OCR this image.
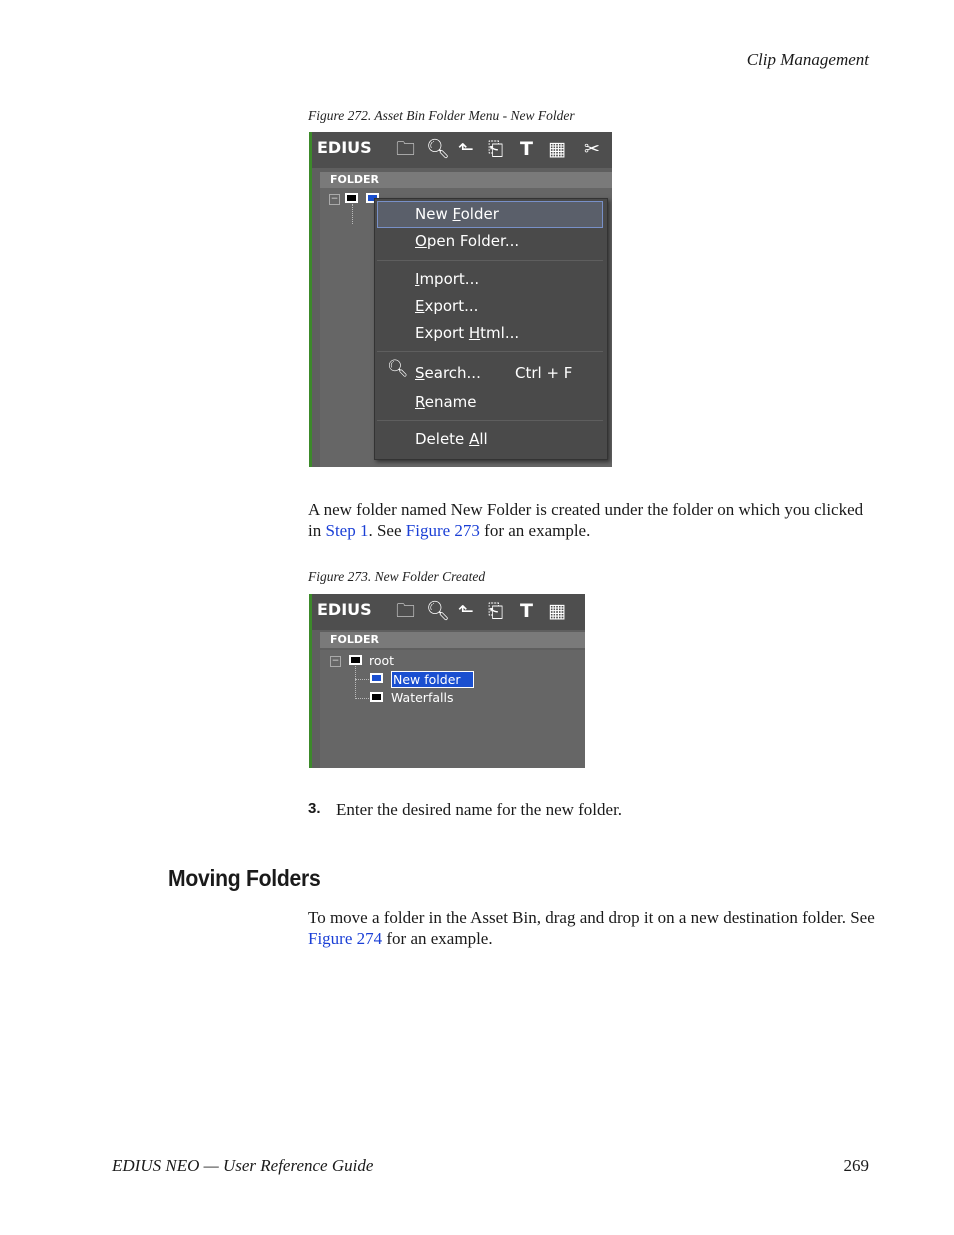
Clip Management
Figure 272. Asset Bin Folder Menu - New Folder
EDIUS 🗀 🔍︎ ⬑ ⎗ T ▦ ✂
FOLDER
−
New Folder
Open Folder...
Import...
Export...
Export Html...
🔍︎ Search... Ctrl + F
Rename
Delete All
A new folder named New Folder is created under the folder on which you clicked in Step 1. See Figure 273 for an example.
Figure 273. New Folder Created
EDIUS 🗀 🔍︎ ⬑ ⎗ T ▦
FOLDER
− root
New folder
Waterfalls
3. Enter the desired name for the new folder.
Moving Folders
To move a folder in the Asset Bin, drag and drop it on a new destination folder. See Figure 274 for an example.
EDIUS NEO — User Reference Guide	269
